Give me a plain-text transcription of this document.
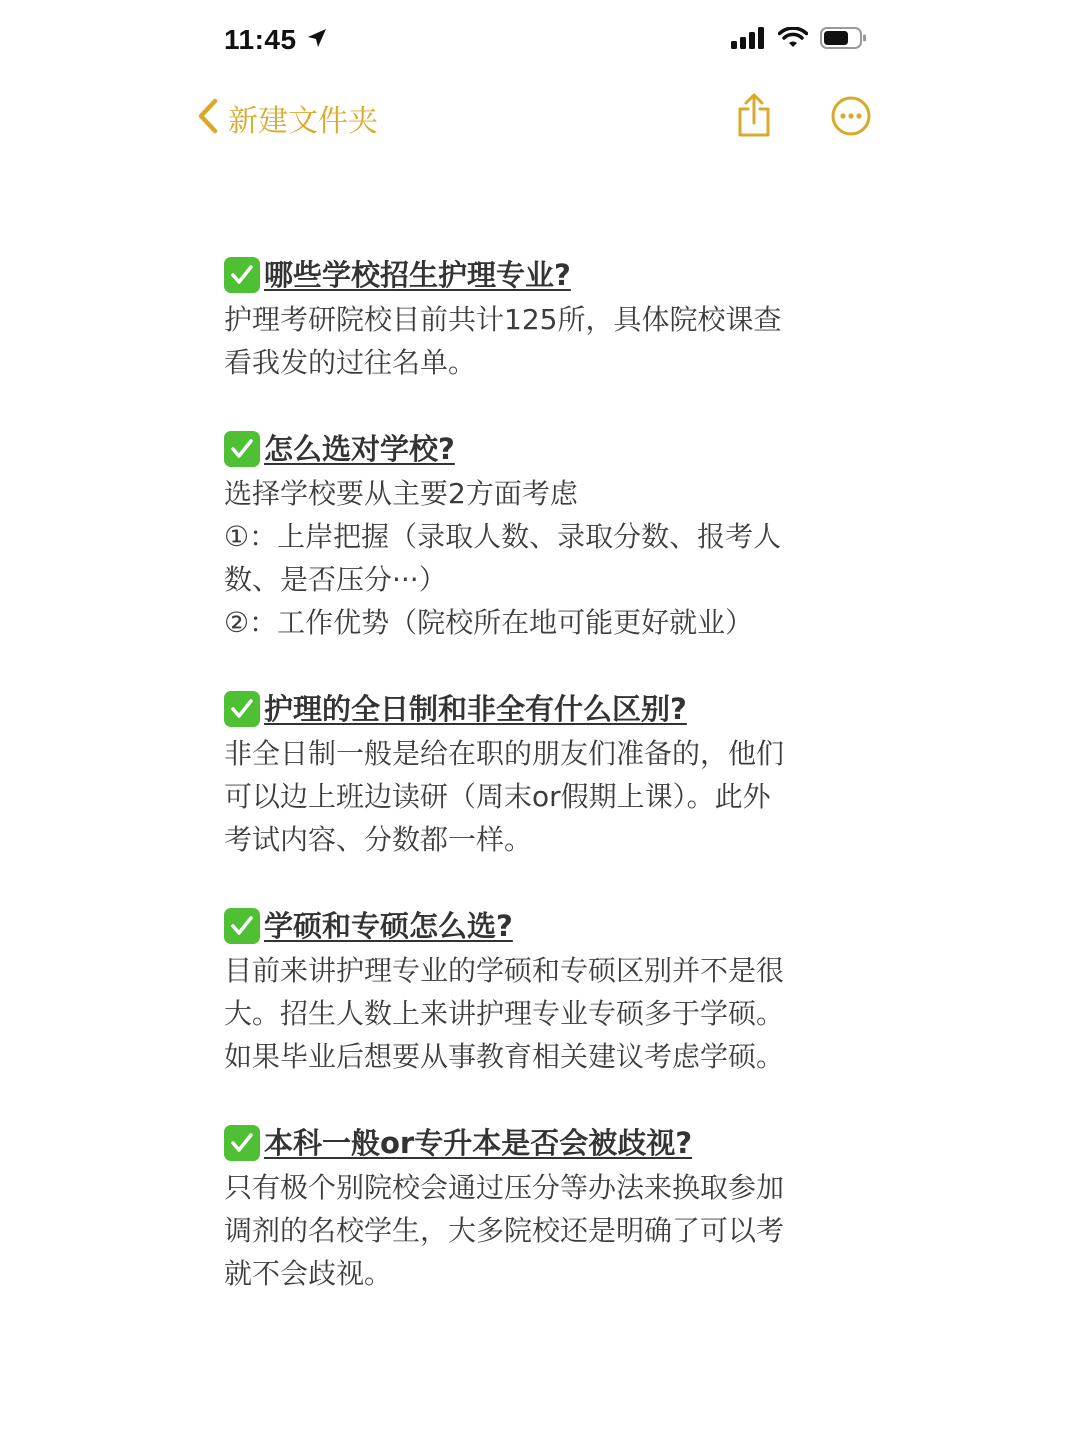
11:45
新建文件夹
哪些学校招生护理专业?

护理考研院校目前共计125所，具体院校课查
看我发的过往名单。

怎么选对学校?

选择学校要从主要2方面考虑
①：上岸把握（录取人数、录取分数、报考人
数、是否压分···）
②：工作优势（院校所在地可能更好就业）

护理的全日制和非全有什么区别?

非全日制一般是给在职的朋友们准备的，他们
可以边上班边读研（周末or假期上课）。此外
考试内容、分数都一样。

学硕和专硕怎么选?

目前来讲护理专业的学硕和专硕区别并不是很
大。招生人数上来讲护理专业专硕多于学硕。
如果毕业后想要从事教育相关建议考虑学硕。

本科一般or专升本是否会被歧视?

只有极个别院校会通过压分等办法来换取参加
调剂的名校学生，大多院校还是明确了可以考
就不会歧视。
